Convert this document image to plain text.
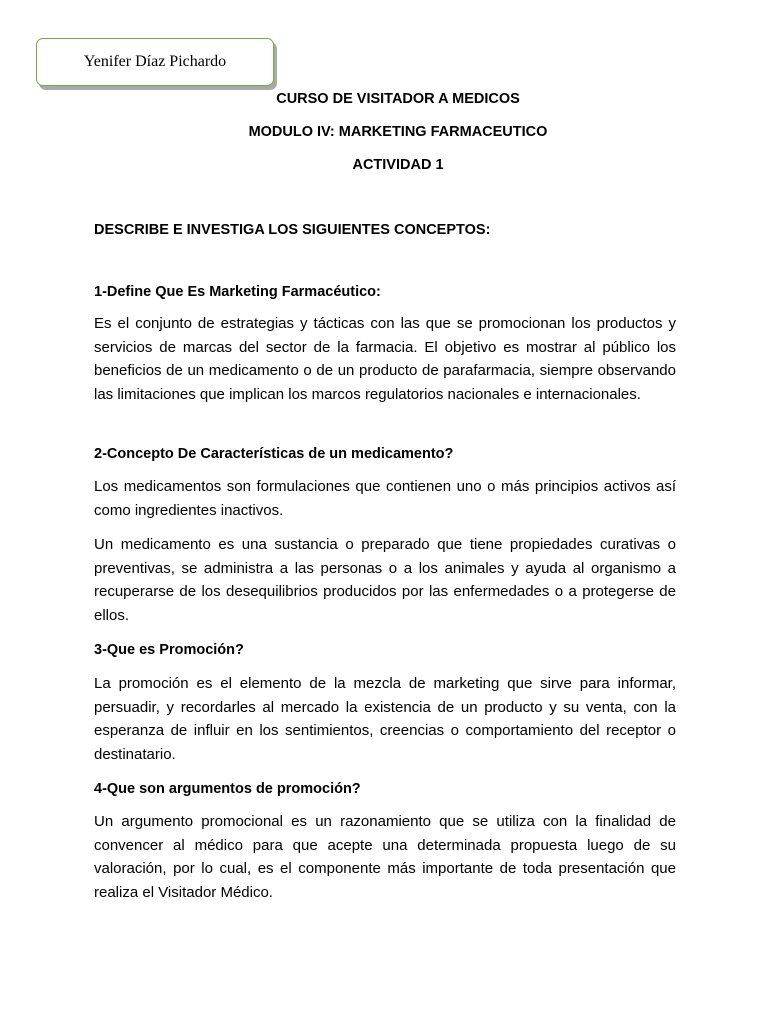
Yenifer Díaz Pichardo
CURSO DE VISITADOR A MEDICOS
MODULO IV: MARKETING FARMACEUTICO
ACTIVIDAD 1
DESCRIBE E INVESTIGA LOS SIGUIENTES CONCEPTOS:
1-Define Que Es Marketing Farmacéutico:
Es el conjunto de estrategias y tácticas con las que se promocionan los productos y servicios de marcas del sector de la farmacia. El objetivo es mostrar al público los beneficios de un medicamento o de un producto de parafarmacia, siempre observando las limitaciones que implican los marcos regulatorios nacionales e internacionales.
2-Concepto De Características de un medicamento?
Los medicamentos son formulaciones que contienen uno o más principios activos así como ingredientes inactivos.
Un medicamento es una sustancia o preparado que tiene propiedades curativas o preventivas, se administra a las personas o a los animales y ayuda al organismo a recuperarse de los desequilibrios producidos por las enfermedades o a protegerse de ellos.
3-Que es Promoción?
La promoción es el elemento de la mezcla de marketing que sirve para informar, persuadir, y recordarles al mercado la existencia de un producto y su venta, con la esperanza de influir en los sentimientos, creencias o comportamiento del receptor o destinatario.
4-Que son argumentos de promoción?
Un argumento promocional es un razonamiento que se utiliza con la finalidad de convencer al médico para que acepte una determinada propuesta luego de su valoración, por lo cual, es el componente más importante de toda presentación que realiza el Visitador Médico.
